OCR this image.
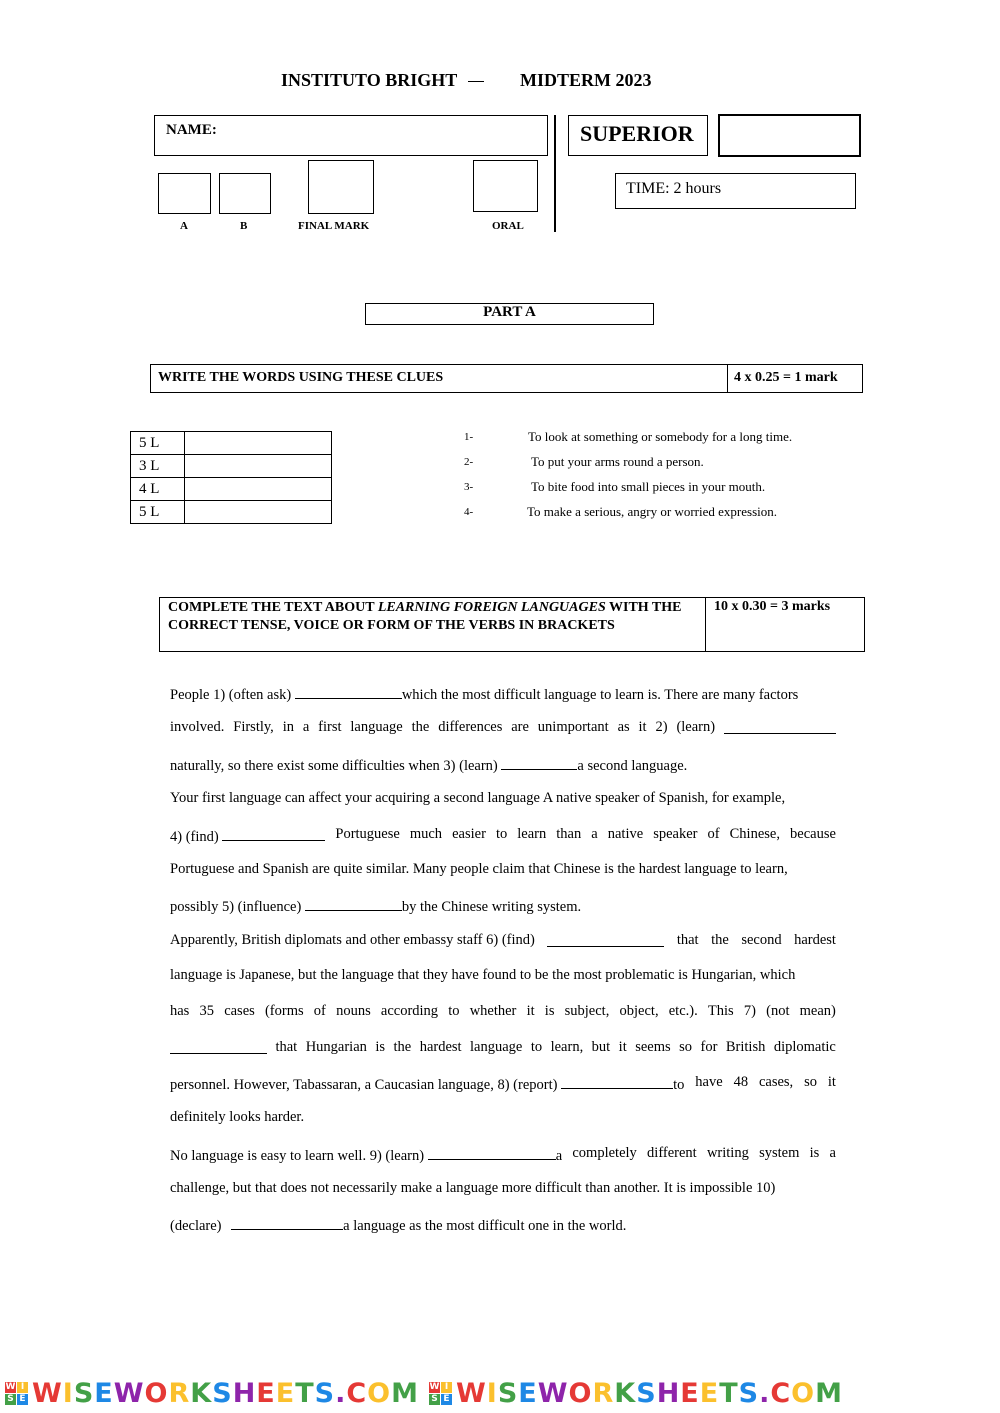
INSTITUTO BRIGHT	MIDTERM 2023
NAME:	SUPERIOR
TIME: 2 hours
A	B	FINAL MARK	ORAL
PART A
WRITE THE WORDS USING THESE CLUES	4 x 0.25 = 1 mark
5 L	
3 L	
4 L	
5 L	
1-	To look at something or somebody for a long time.
2-	To put your arms round a person.
3-	To bite food into small pieces in your mouth.
4-	To make a serious, angry or worried expression.
COMPLETE THE TEXT ABOUT LEARNING FOREIGN LANGUAGES WITH THE CORRECT TENSE, VOICE OR FORM OF THE VERBS IN BRACKETS
10 x 0.30 = 3 marks
People 1) (often ask)	which the most difficult language to learn is. There are many factors
involved. Firstly, in a first language the differences are unimportant as it 2) (learn)
naturally, so there exist some difficulties when 3) (learn)	a second language.
Your first language can affect your acquiring a second language A native speaker of Spanish, for example,
4) (find)	Portuguese much easier to learn than a native speaker of Chinese, because
Portuguese and Spanish are quite similar. Many people claim that Chinese is the hardest language to learn,
possibly 5) (influence)	by the Chinese writing system.
Apparently, British diplomats and other embassy staff 6) (find)	that the second hardest
language is Japanese, but the language that they have found to be the most problematic is Hungarian, which
has 35 cases (forms of nouns according to whether it is subject, object, etc.). This 7) (not mean)
that Hungarian is the hardest language to learn, but it seems so for British diplomatic
personnel. However, Tabassaran, a Caucasian language, 8) (report)	to have 48 cases, so it
definitely looks harder.
No language is easy to learn well. 9) (learn)	a completely different writing system is a
challenge, but that does not necessarily make a language more difficult than another. It is impossible 10)
(declare)	a language as the most difficult one in the world.
W I
S E WISEWORKSHEETS.COM W I
S E WISEWORKSHEETS.COM
